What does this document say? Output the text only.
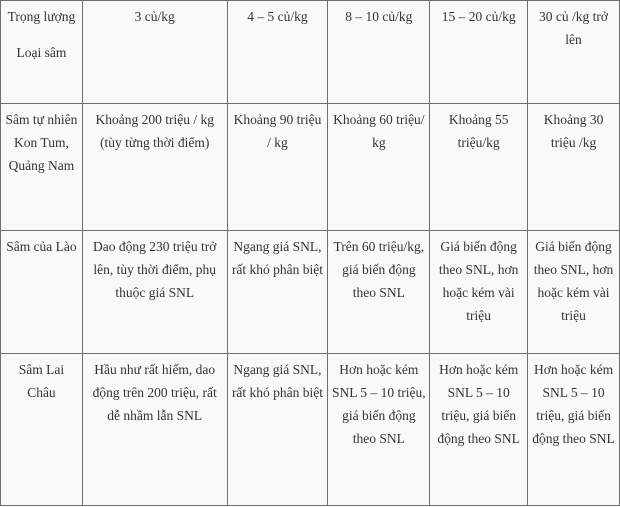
Trọng lượng
Loại sâm	3 củ/kg	4 – 5 củ/kg	8 – 10 củ/kg	15 – 20 củ/kg	30 củ /kg trở lên
Sâm tự nhiên Kon Tum, Quảng Nam	Khoảng 200 triệu / kg (tùy từng thời điểm)	Khoảng 90 triệu / kg	Khoảng 60 triệu/ kg	Khoảng 55 triệu/kg	Khoảng 30 triệu /kg
Sâm của Lào	Dao động 230 triệu trở lên, tùy thời điểm, phụ thuộc giá SNL	Ngang giá SNL, rất khó phân biệt	Trên 60 triệu/kg, giá biến động theo SNL	Giá biến động theo SNL, hơn hoặc kém vài triệu	Giá biến động theo SNL, hơn hoặc kém vài triệu
Sâm Lai Châu	Hầu như rất hiếm, dao động trên 200 triệu, rất dễ nhầm lẫn SNL	Ngang giá SNL, rất khó phân biệt	Hơn hoặc kém SNL 5 – 10 triệu, giá biến động theo SNL	Hơn hoặc kém SNL 5 – 10 triệu, giá biến động theo SNL	Hơn hoặc kém SNL 5 – 10 triệu, giá biến động theo SNL
